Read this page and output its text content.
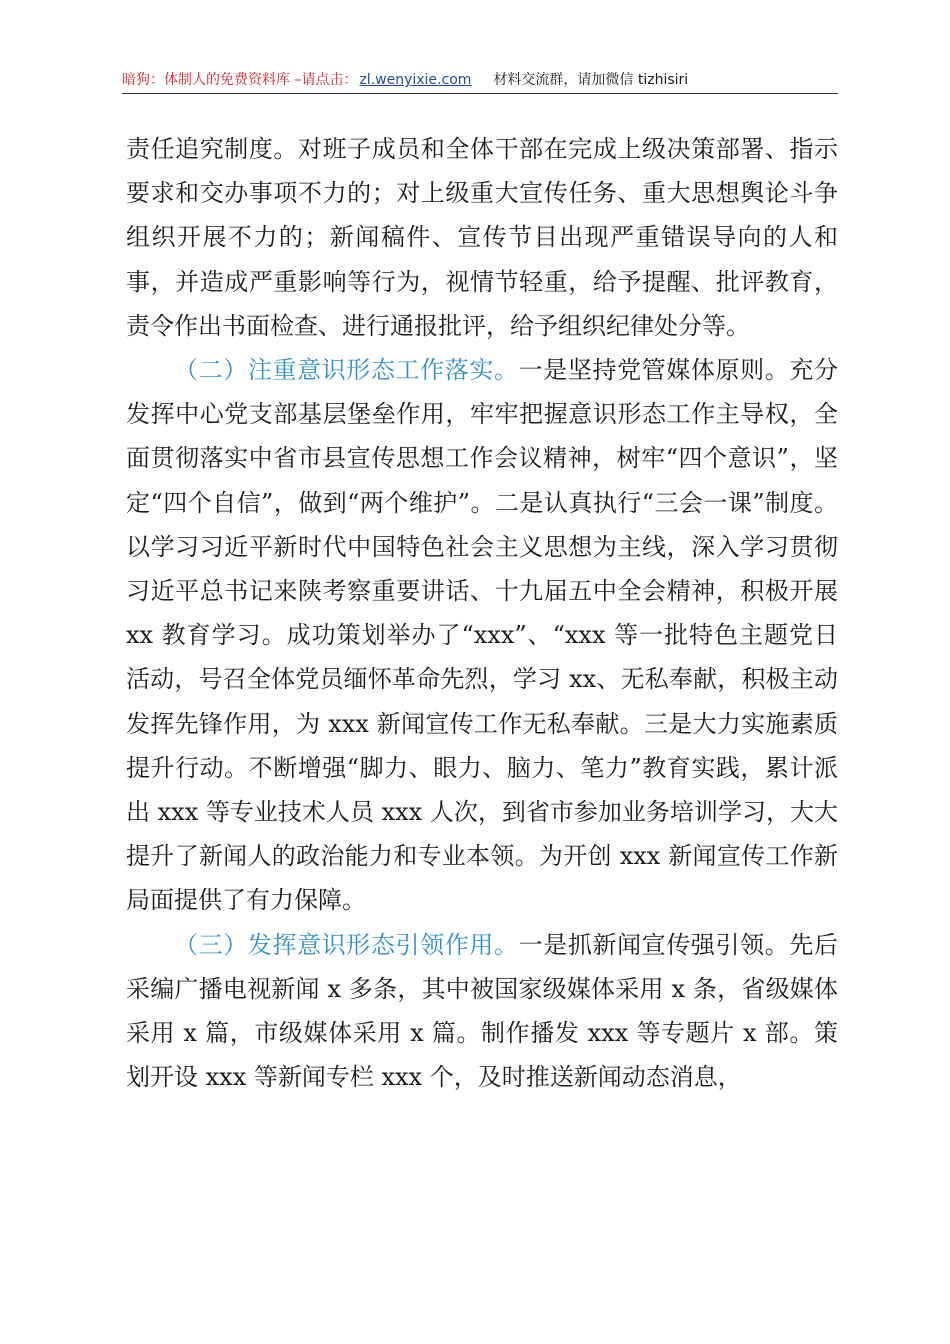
暗狗：体制人的免费资料库 –请点击： zl.wenyixie.com 材料交流群，请加微信 tizhisiri

责任追究制度。对班子成员和全体干部在完成上级决策部署、指示要求和交办事项不力的；对上级重大宣传任务、重大思想舆论斗争组织开展不力的；新闻稿件、宣传节目出现严重错误导向的人和事，并造成严重影响等行为，视情节轻重，给予提醒、批评教育，责令作出书面检查、进行通报批评，给予组织纪律处分等。

（二）注重意识形态工作落实。一是坚持党管媒体原则。充分发挥中心党支部基层堡垒作用，牢牢把握意识形态工作主导权，全面贯彻落实中省市县宣传思想工作会议精神，树牢“四个意识”，坚定“四个自信”，做到“两个维护”。二是认真执行“三会一课”制度。以学习习近平新时代中国特色社会主义思想为主线，深入学习贯彻习近平总书记来陕考察重要讲话、十九届五中全会精神，积极开展 xx 教育学习。成功策划举办了“xxx”、“xxx 等一批特色主题党日活动，号召全体党员缅怀革命先烈，学习 xx、无私奉献，积极主动发挥先锋作用，为 xxx 新闻宣传工作无私奉献。三是大力实施素质提升行动。不断增强“脚力、眼力、脑力、笔力”教育实践，累计派出 xxx 等专业技术人员 xxx 人次，到省市参加业务培训学习，大大提升了新闻人的政治能力和专业本领。为开创 xxx 新闻宣传工作新局面提供了有力保障。

（三）发挥意识形态引领作用。一是抓新闻宣传强引领。先后采编广播电视新闻 x 多条，其中被国家级媒体采用 x 条，省级媒体采用 x 篇，市级媒体采用 x 篇。制作播发 xxx 等专题片 x 部。策划开设 xxx 等新闻专栏 xxx 个，及时推送新闻动态消息，
